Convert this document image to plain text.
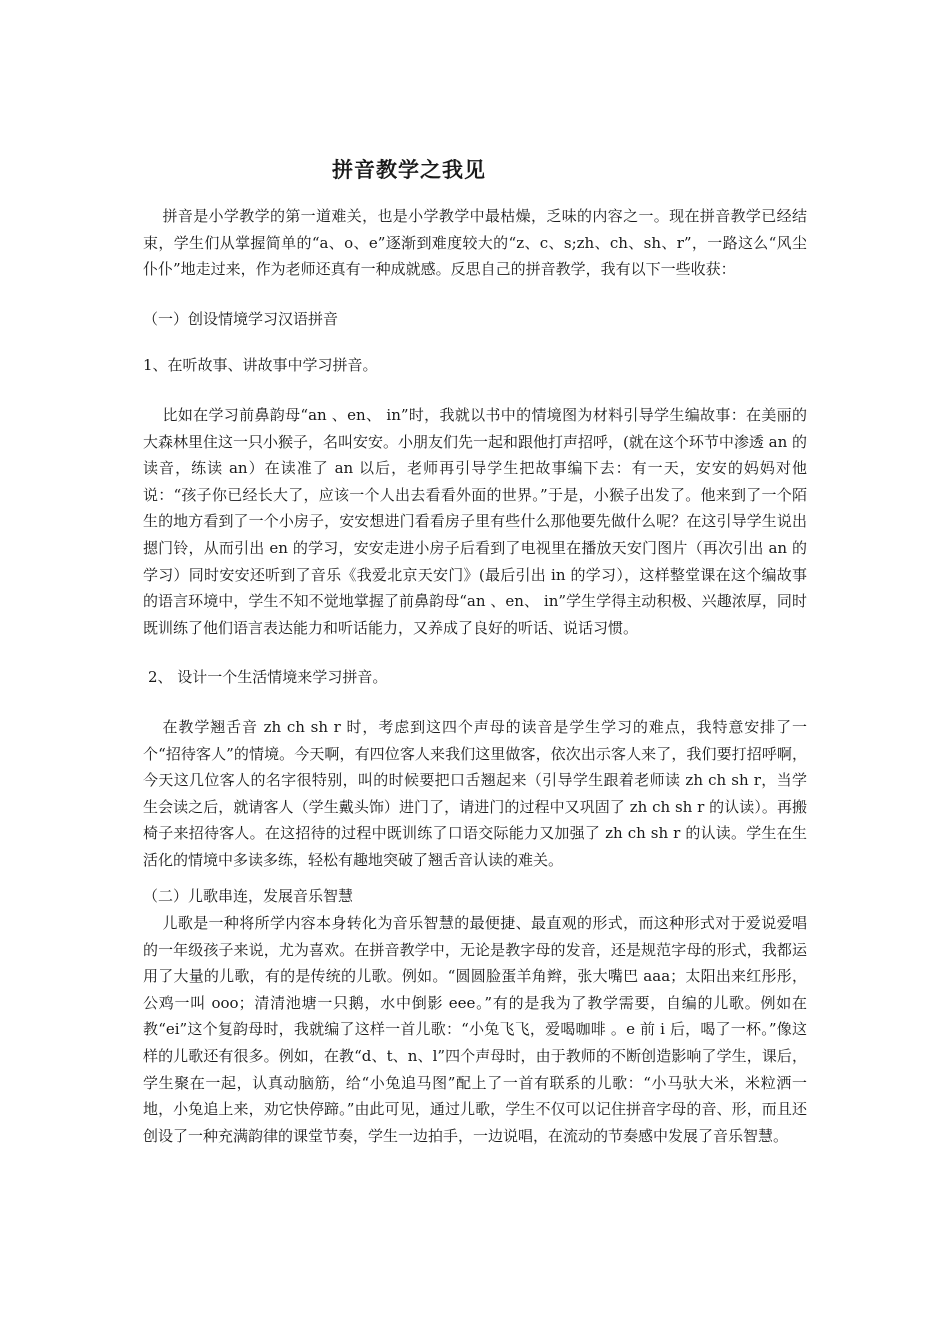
拼音教学之我见

拼音是小学教学的第一道难关，也是小学教学中最枯燥，乏味的内容之一。现在拼音教学已经结束，学生们从掌握简单的“a、o、e”逐渐到难度较大的“z、c、s;zh、ch、sh、r”，一路这么“风尘仆仆”地走过来，作为老师还真有一种成就感。反思自己的拼音教学，我有以下一些收获：

（一）创设情境学习汉语拼音

1、在听故事、讲故事中学习拼音。

比如在学习前鼻韵母“an 、en、 in”时，我就以书中的情境图为材料引导学生编故事：在美丽的大森林里住这一只小猴子，名叫安安。小朋友们先一起和跟他打声招呼，(就在这个环节中渗透 an 的读音，练读 an）在读准了 an 以后，老师再引导学生把故事编下去：有一天，安安的妈妈对他说：“孩子你已经长大了，应该一个人出去看看外面的世界。”于是，小猴子出发了。他来到了一个陌生的地方看到了一个小房子，安安想进门看看房子里有些什么那他要先做什么呢？在这引导学生说出摁门铃，从而引出 en 的学习，安安走进小房子后看到了电视里在播放天安门图片（再次引出 an 的学习）同时安安还听到了音乐《我爱北京天安门》(最后引出 in 的学习），这样整堂课在这个编故事的语言环境中，学生不知不觉地掌握了前鼻韵母“an 、en、 in”学生学得主动积极、兴趣浓厚，同时既训练了他们语言表达能力和听话能力，又养成了良好的听话、说话习惯。

2、 设计一个生活情境来学习拼音。

在教学翘舌音 zh ch sh r 时，考虑到这四个声母的读音是学生学习的难点，我特意安排了一个“招待客人”的情境。今天啊，有四位客人来我们这里做客，依次出示客人来了，我们要打招呼啊，今天这几位客人的名字很特别，叫的时候要把口舌翘起来（引导学生跟着老师读 zh ch sh r，当学生会读之后，就请客人（学生戴头饰）进门了，请进门的过程中又巩固了 zh ch sh r 的认读）。再搬椅子来招待客人。在这招待的过程中既训练了口语交际能力又加强了 zh ch sh r 的认读。学生在生活化的情境中多读多练，轻松有趣地突破了翘舌音认读的难关。

（二）儿歌串连，发展音乐智慧

儿歌是一种将所学内容本身转化为音乐智慧的最便捷、最直观的形式，而这种形式对于爱说爱唱的一年级孩子来说，尤为喜欢。在拼音教学中，无论是教字母的发音，还是规范字母的形式，我都运用了大量的儿歌，有的是传统的儿歌。例如。“圆圆脸蛋羊角辫，张大嘴巴 aaa；太阳出来红彤彤，公鸡一叫 ooo；清清池塘一只鹅，水中倒影 eee。”有的是我为了教学需要，自编的儿歌。例如在教“ei”这个复韵母时，我就编了这样一首儿歌：“小兔飞飞，爱喝咖啡 。e 前 i 后，喝了一杯。”像这样的儿歌还有很多。例如，在教“d、t、n、l”四个声母时，由于教师的不断创造影响了学生，课后，学生聚在一起，认真动脑筋，给“小兔追马图”配上了一首有联系的儿歌：“小马驮大米，米粒洒一地，小兔追上来，劝它快停蹄。”由此可见，通过儿歌，学生不仅可以记住拼音字母的音、形，而且还创设了一种充满韵律的课堂节奏，学生一边拍手，一边说唱，在流动的节奏感中发展了音乐智慧。
